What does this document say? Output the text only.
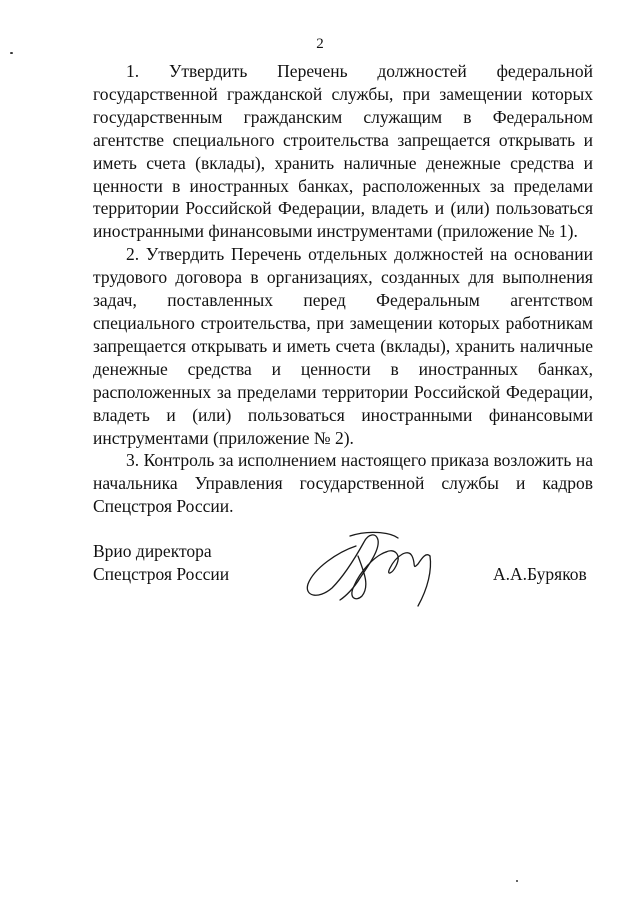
2

1. Утвердить Перечень должностей федеральной государственной гражданской службы, при замещении которых государственным гражданским служащим в Федеральном агентстве специального строительства запрещается открывать и иметь счета (вклады), хранить наличные денежные средства и ценности в иностранных банках, расположенных за пределами территории Российской Федерации, владеть и (или) пользоваться иностранными финансовыми инструментами (приложение № 1).

2. Утвердить Перечень отдельных должностей на основании трудового договора в организациях, созданных для выполнения задач, поставленных перед Федеральным агентством специального строительства, при замещении которых работникам запрещается открывать и иметь счета (вклады), хранить наличные денежные средства и ценности в иностранных банках, расположенных за пределами территории Российской Федерации, владеть и (или) пользоваться иностранными финансовыми инструментами (приложение № 2).

3. Контроль за исполнением настоящего приказа возложить на начальника Управления государственной службы и кадров Спецстроя России.

Врио директора
Спецстроя России	А.А.Буряков
